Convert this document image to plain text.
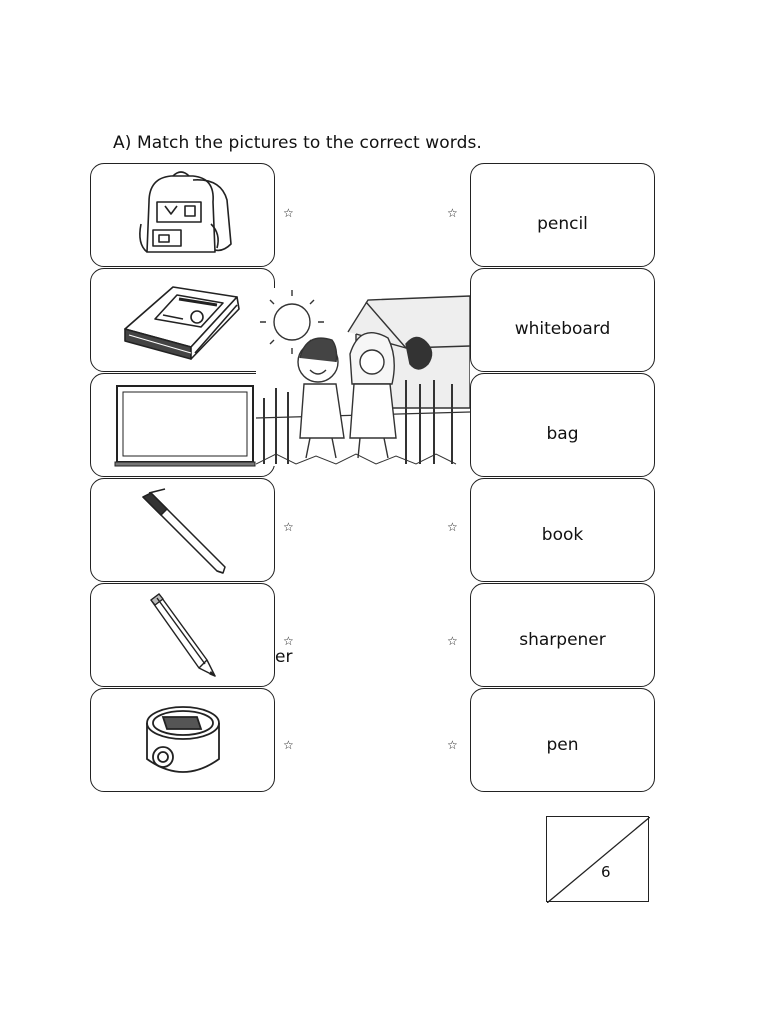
A) Match the pictures to the correct words.
pencil
whiteboard
bag
book
sharpener
pen
☆	☆
☆	☆
☆	☆
☆	☆
er
6
